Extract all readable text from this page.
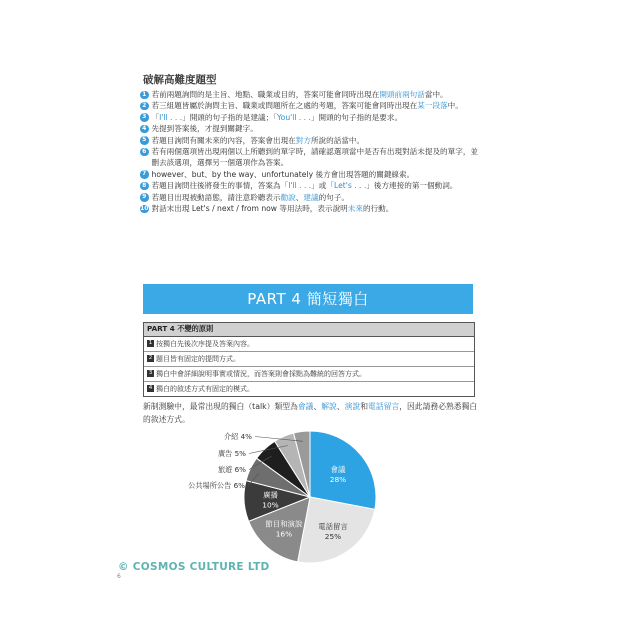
破解高難度題型
1 若前兩題詢問的是主旨、地點、職業或目的，答案可能會同時出現在開頭前兩句話當中。
2 若三組題皆屬於詢問主旨、職業或問題所在之處的考題，答案可能會同時出現在某一段落中。
3 「I'll . . .」開頭的句子指的是建議；「You'll . . .」開頭的句子指的是要求。
4 先提到答案後，才提到關鍵字。
5 若題目詢問有關未來的內容，答案會出現在對方所說的話當中。
6 若有兩個選項皆出現兩個以上所聽到的單字時，請確認選項當中是否有出現對話未提及的單字，並刪去該選項，選擇另一個選項作為答案。
7 however、but、by the way、unfortunately 後方會出現答題的關鍵線索。
8 若題目詢問往後將發生的事情，答案為「I'll . . .」或「Let's . . .」後方連接的第一個動詞。
9 若題目出現被動語態，請注意聆聽表示勸說、建議的句子。
10 對話末出現 Let's / next / from now 等用法時，表示說明未來的行動。
PART 4 簡短獨白
PART 4 不變的原則
1 按獨白先後次序提及答案內容。
2 題目皆有固定的提問方式。
3 獨白中會詳細說明事實或情況，而答案則會採點為難統的回答方式。
4 獨白的敘述方式有固定的模式。
新制測驗中，最常出現的獨白（talk）類型為會議、解說、演說和電話留言，因此請務必熟悉獨白的敘述方式。
會議
28%
電話留言
25%
節目和演說
16%
廣播
10%
公共場所公告 6%
旅遊 6%
廣告 5%
介紹 4%
© COSMOS CULTURE LTD
6
